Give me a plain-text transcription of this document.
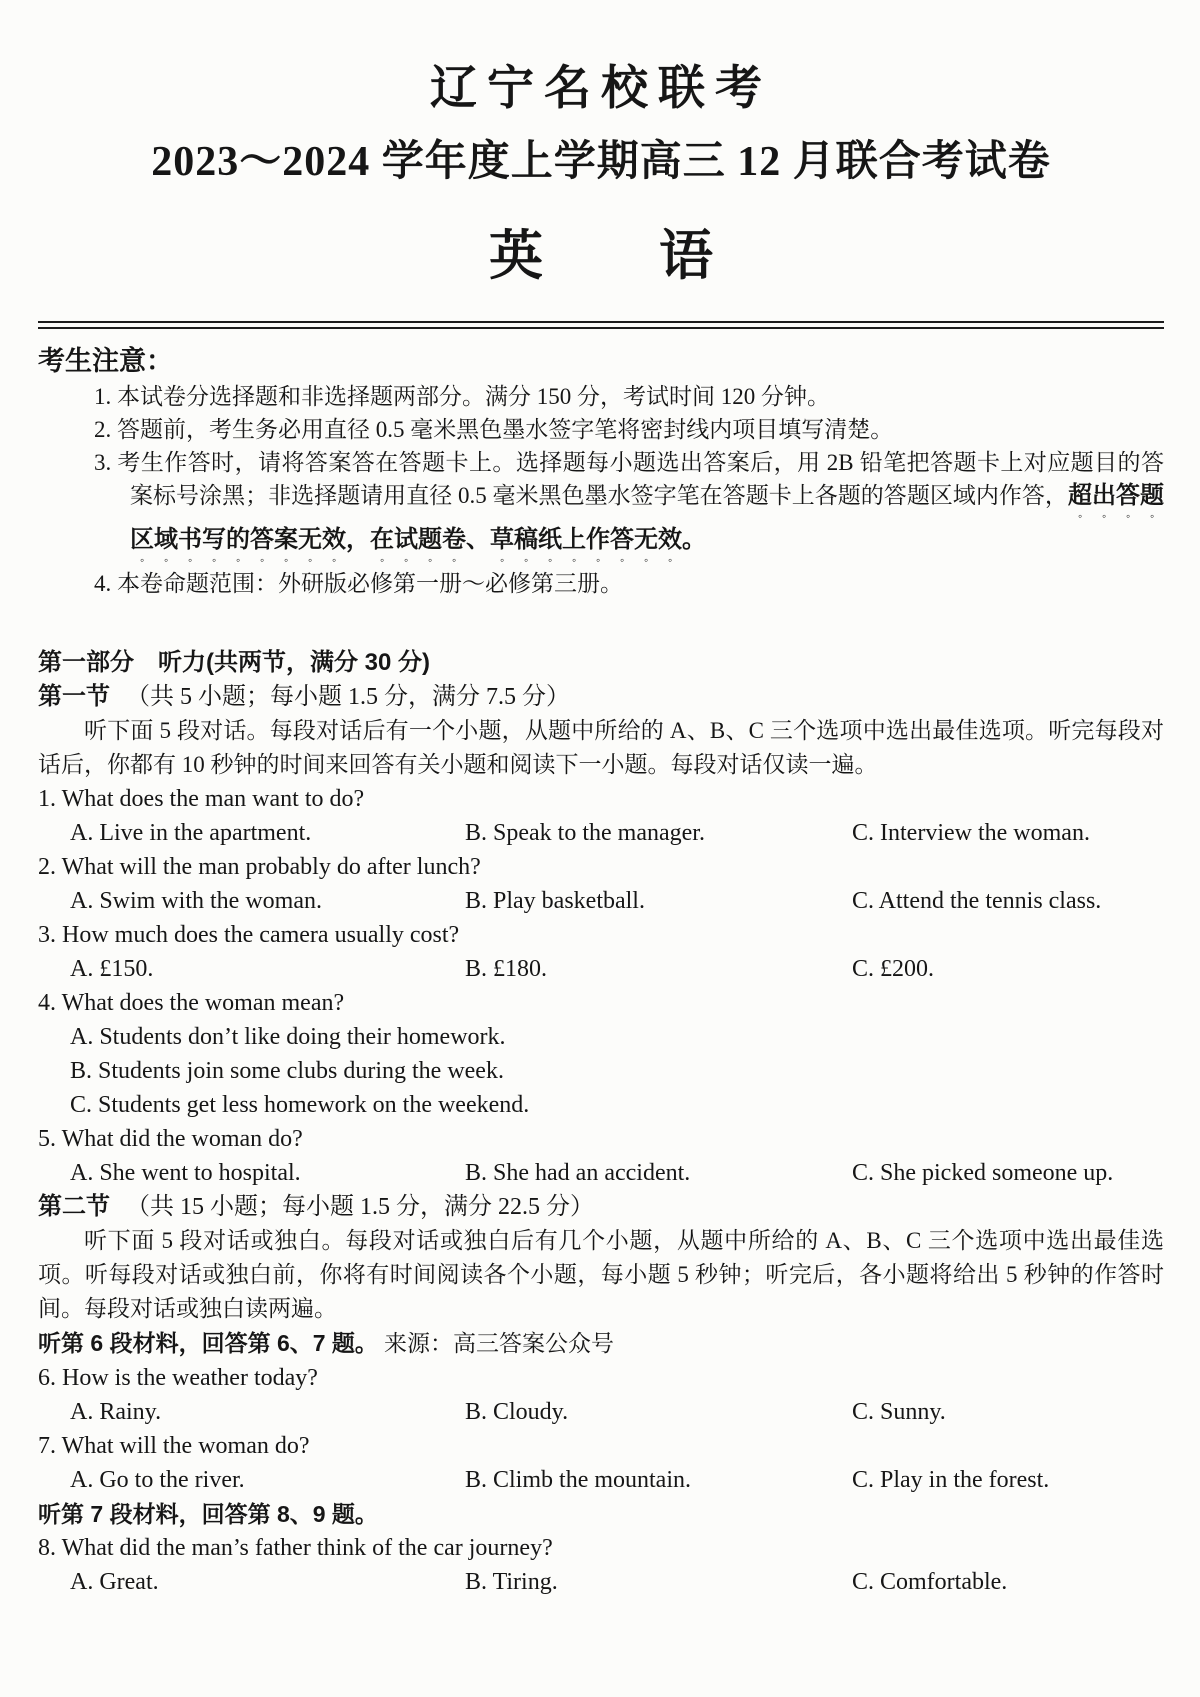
辽宁名校联考
2023～2024 学年度上学期高三 12 月联合考试卷
英 语
考生注意：
1. 本试卷分选择题和非选择题两部分。满分 150 分，考试时间 120 分钟。
2. 答题前，考生务必用直径 0.5 毫米黑色墨水签字笔将密封线内项目填写清楚。
3. 考生作答时，请将答案答在答题卡上。选择题每小题选出答案后，用 2B 铅笔把答题卡上对应题目的答案标号涂黑；非选择题请用直径 0.5 毫米黑色墨水签字笔在答题卡上各题的答题区域内作答，超出答题区域书写的答案无效，在试题卷、草稿纸上作答无效。
4. 本卷命题范围：外研版必修第一册～必修第三册。
第一部分　听力(共两节，满分 30 分)
第一节 （共 5 小题；每小题 1.5 分，满分 7.5 分）

听下面 5 段对话。每段对话后有一个小题，从题中所给的 A、B、C 三个选项中选出最佳选项。听完每段对话后，你都有 10 秒钟的时间来回答有关小题和阅读下一小题。每段对话仅读一遍。

1. What does the man want to do?
A. Live in the apartment.	B. Speak to the manager.	C. Interview the woman.
2. What will the man probably do after lunch?
A. Swim with the woman.	B. Play basketball.	C. Attend the tennis class.
3. How much does the camera usually cost?
A. £150.	B. £180.	C. £200.
4. What does the woman mean?
A. Students don’t like doing their homework.
B. Students join some clubs during the week.
C. Students get less homework on the weekend.
5. What did the woman do?
A. She went to hospital.	B. She had an accident.	C. She picked someone up.
第二节 （共 15 小题；每小题 1.5 分，满分 22.5 分）

听下面 5 段对话或独白。每段对话或独白后有几个小题，从题中所给的 A、B、C 三个选项中选出最佳选项。听每段对话或独白前，你将有时间阅读各个小题，每小题 5 秒钟；听完后，各小题将给出 5 秒钟的作答时间。每段对话或独白读两遍。

听第 6 段材料，回答第 6、7 题。 来源：高三答案公众号
6. How is the weather today?
A. Rainy.	B. Cloudy.	C. Sunny.
7. What will the woman do?
A. Go to the river.	B. Climb the mountain.	C. Play in the forest.
听第 7 段材料，回答第 8、9 题。
8. What did the man’s father think of the car journey?
A. Great.	B. Tiring.	C. Comfortable.
